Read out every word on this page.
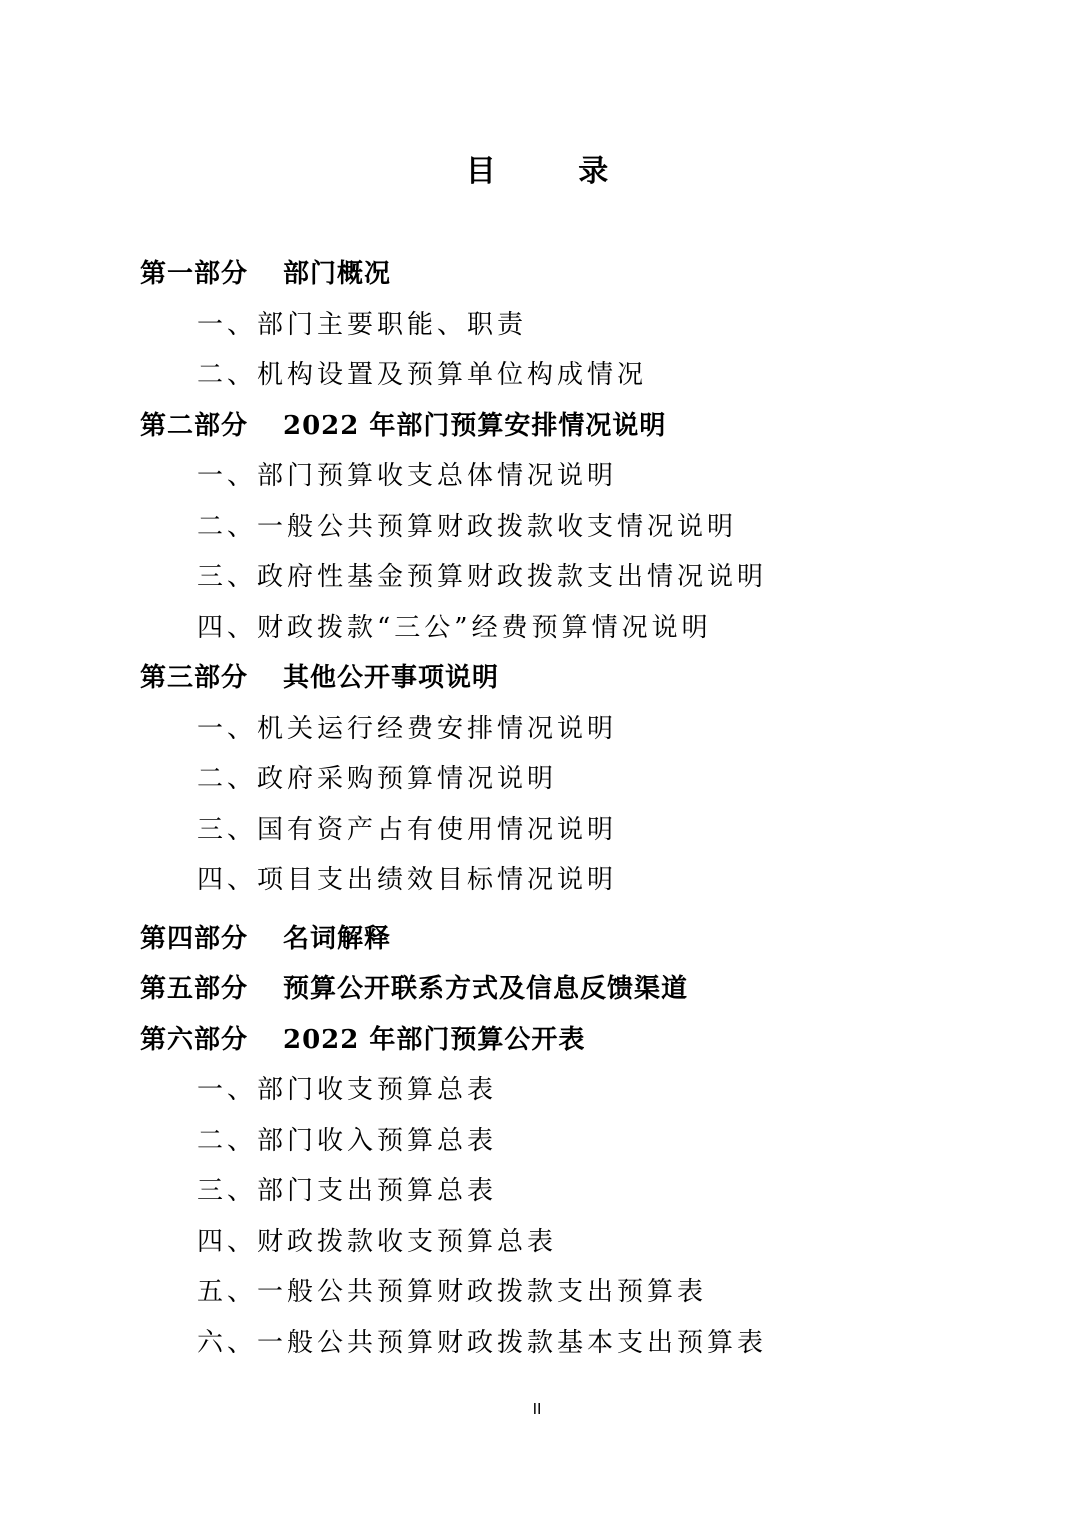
目 录
第一部分 部门概况
一、部门主要职能、职责
二、机构设置及预算单位构成情况
第二部分 2022 年部门预算安排情况说明
一、部门预算收支总体情况说明
二、一般公共预算财政拨款收支情况说明
三、政府性基金预算财政拨款支出情况说明
四、财政拨款“三公”经费预算情况说明
第三部分 其他公开事项说明
一、机关运行经费安排情况说明
二、政府采购预算情况说明
三、国有资产占有使用情况说明
四、项目支出绩效目标情况说明
第四部分 名词解释
第五部分 预算公开联系方式及信息反馈渠道
第六部分 2022 年部门预算公开表
一、部门收支预算总表
二、部门收入预算总表
三、部门支出预算总表
四、财政拨款收支预算总表
五、一般公共预算财政拨款支出预算表
六、一般公共预算财政拨款基本支出预算表
II
